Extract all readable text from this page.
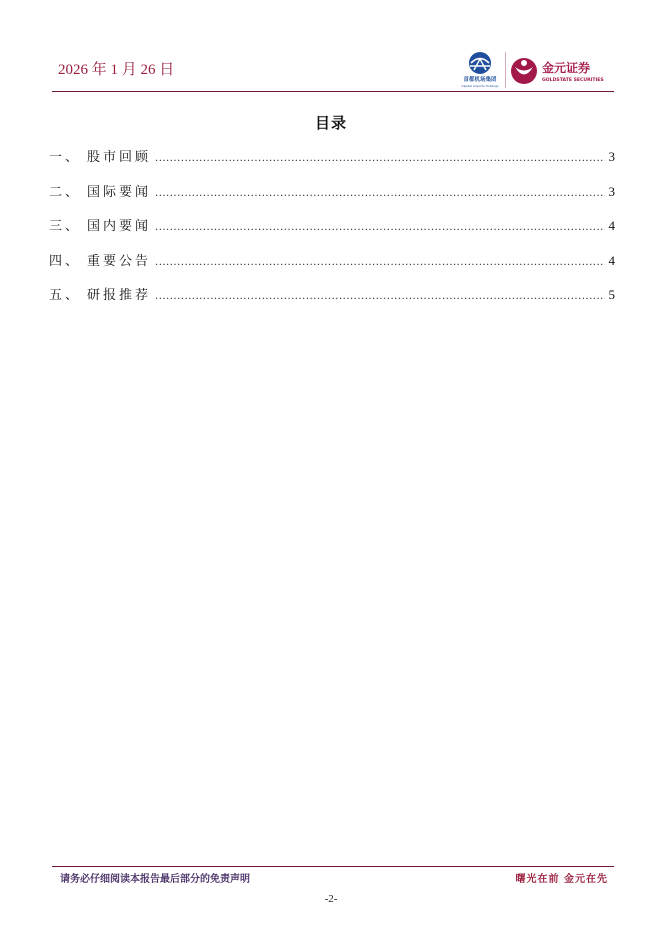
2026 年 1 月 26 日
首都机场集团
Capital Airports Holdings
金元证券
GOLDSTATE SECURITIES
目录
一、 股市回顾 .....	3
二、 国际要闻 .....	3
三、 国内要闻 .....	4
四、 重要公告 .....	4
五、 研报推荐 .....	5
请务必仔细阅读本报告最后部分的免责声明	曙光在前 金元在先
-2-
